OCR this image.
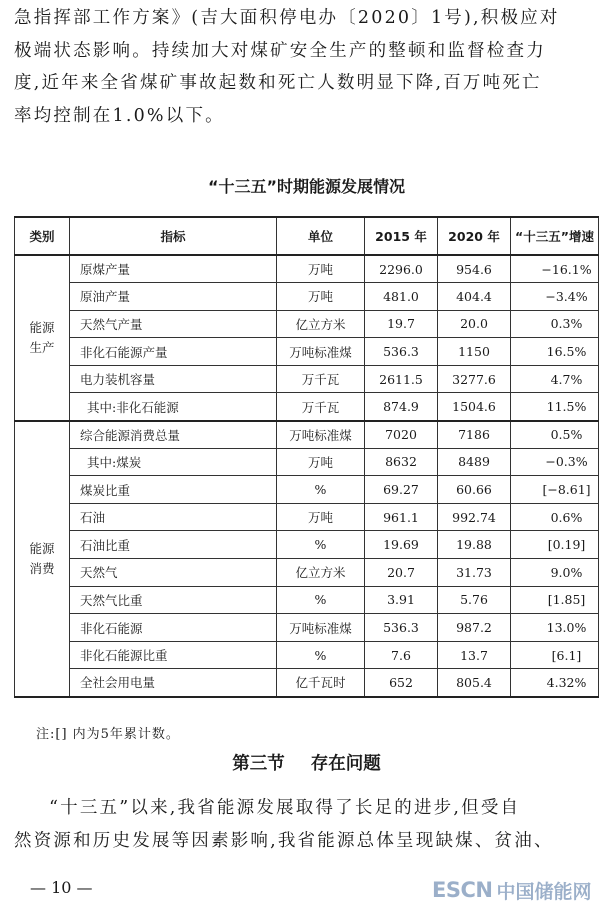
急指挥部工作方案》(吉大面积停电办〔2020〕1号),积极应对
极端状态影响。持续加大对煤矿安全生产的整顿和监督检查力
度,近年来全省煤矿事故起数和死亡人数明显下降,百万吨死亡
率均控制在1.0%以下。
“十三五”时期能源发展情况
类别	指标	单位	2015 年	2020 年	“十三五”增速

能源
生产	原煤产量	万吨	2296.0	954.6	−16.1%
	原油产量	万吨	481.0	404.4	−3.4%
	天然气产量	亿立方米	19.7	20.0	0.3%
	非化石能源产量	万吨标准煤	536.3	1150	16.5%
	电力装机容量	万千瓦	2611.5	3277.6	4.7%
	其中:非化石能源	万千瓦	874.9	1504.6	11.5%

能源
消费	综合能源消费总量	万吨标准煤	7020	7186	0.5%
	其中:煤炭	万吨	8632	8489	−0.3%
	煤炭比重	%	69.27	60.66	[−8.61]
	石油	万吨	961.1	992.74	0.6%
	石油比重	%	19.69	19.88	[0.19]
	天然气	亿立方米	20.7	31.73	9.0%
	天然气比重	%	3.91	5.76	[1.85]
	非化石能源	万吨标准煤	536.3	987.2	13.0%
	非化石能源比重	%	7.6	13.7	[6.1]
	全社会用电量	亿千瓦时	652	805.4	4.32%

注:[] 内为5年累计数。

第三节 存在问题
“十三五”以来,我省能源发展取得了长足的进步,但受自
然资源和历史发展等因素影响,我省能源总体呈现缺煤、贫油、

— 10 —	ESCN 中国储能网
